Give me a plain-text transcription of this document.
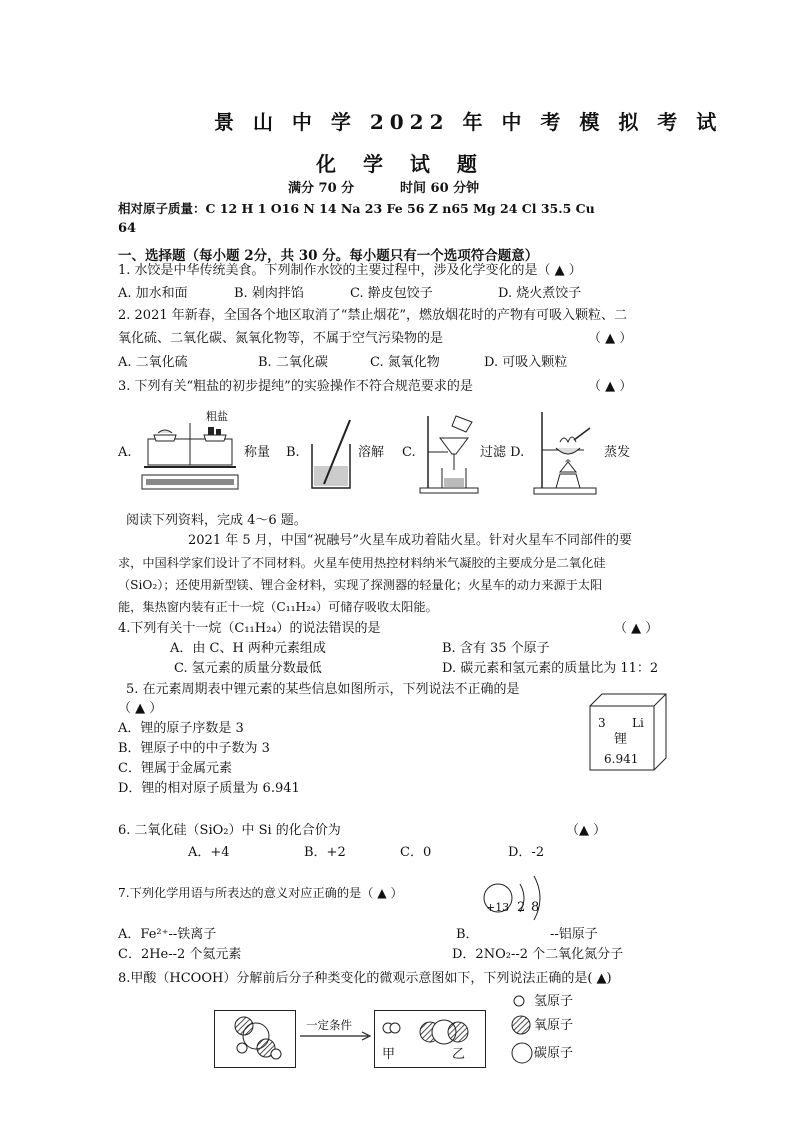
景 山 中 学 2022 年 中 考 模 拟 考 试
化 学 试 题
满分 70 分	时间 60 分钟
相对原子质量：C 12 H 1 O16 N 14 Na 23 Fe 56 Z n65 Mg 24 Cl 35.5 Cu
64
一、选择题（每小题 2分，共 30 分。每小题只有一个选项符合题意）
1. 水饺是中华传统美食。下列制作水饺的主要过程中，涉及化学变化的是（ ▲ ）
A. 加水和面	B. 剁肉拌馅	C. 擀皮包饺子	D. 烧火煮饺子
2. 2021 年新春，全国各个地区取消了“禁止烟花”，燃放烟花时的产物有可吸入颗粒、二
氧化硫、二氧化碳、氮氧化物等，不属于空气污染物的是	（ ▲ ）
A. 二氧化硫	B. 二氧化碳	C. 氮氧化物	D. 可吸入颗粒
3. 下列有关“粗盐的初步提纯”的实验操作不符合规范要求的是	（ ▲ ）
A.
粗盐
称量 B.	溶解 C.	过滤 D.	蒸发
阅读下列资料，完成 4～6 题。
2021 年 5 月，中国“祝融号”火星车成功着陆火星。针对火星车不同部件的要
求，中国科学家们设计了不同材料。火星车使用热控材料纳米气凝胶的主要成分是二氧化硅
（SiO₂）；还使用新型镁、锂合金材料，实现了探测器的轻量化；火星车的动力来源于太阳
能，集热窗内装有正十一烷（C₁₁H₂₄）可储存吸收太阳能。
4.下列有关十一烷（C₁₁H₂₄）的说法错误的是	（ ▲ ）
A．由 C、H 两种元素组成	B. 含有 35 个原子
C. 氢元素的质量分数最低	D. 碳元素和氢元素的质量比为 11：2
5. 在元素周期表中锂元素的某些信息如图所示，下列说法不正确的是
（ ▲ ）
A．锂的原子序数是 3
B．锂原子中的中子数为 3
C．锂属于金属元素
D．锂的相对原子质量为 6.941
3 Li
锂
6.941
6. 二氧化硅（SiO₂）中 Si 的化合价为	（▲ ）
A．+4	B．+2	C．0	D．-2
7.下列化学用语与所表达的意义对应正确的是（ ▲ ）
+13 2 8
A．Fe²⁺--铁离子	B．	--铝原子
C．2He--2 个氦元素	D．2NO₂--2 个二氧化氮分子
8.甲酸（HCOOH）分解前后分子种类变化的微观示意图如下，下列说法正确的是( ▲)
一定条件
甲	乙
氢原子
氧原子
碳原子
